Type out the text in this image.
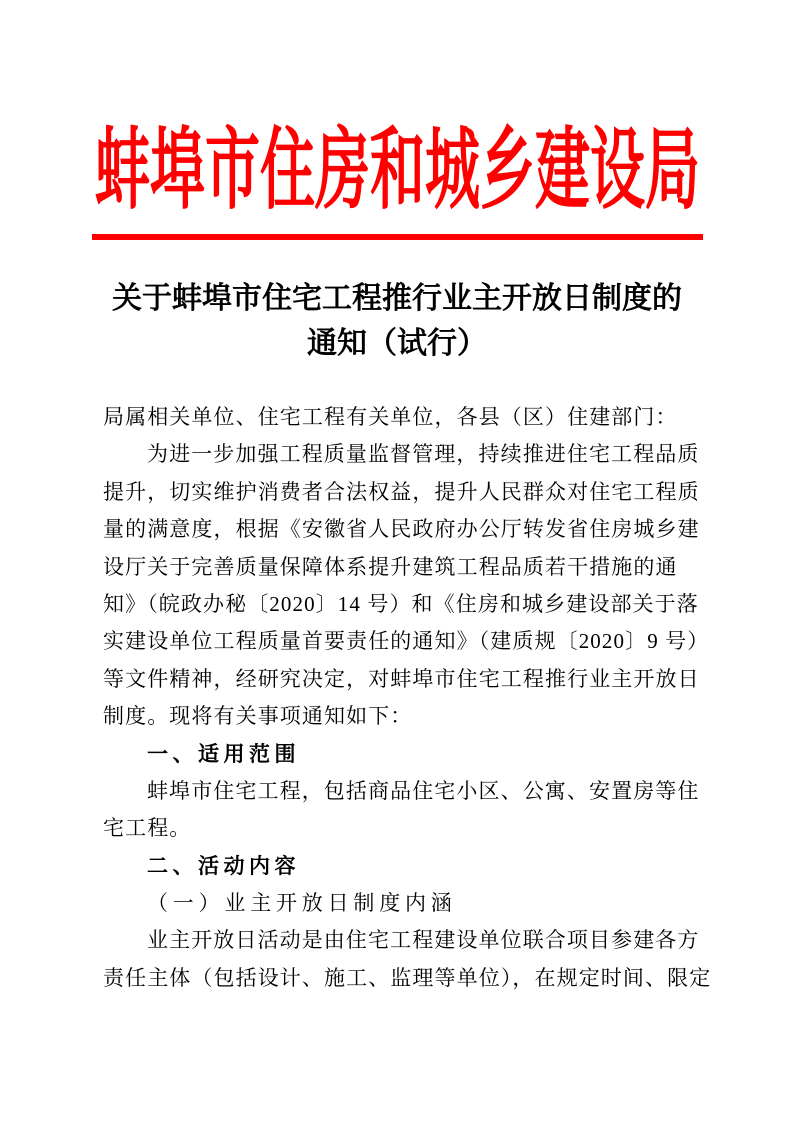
蚌埠市住房和城乡建设局
关于蚌埠市住宅工程推行业主开放日制度的
通知（试行）
局属相关单位、住宅工程有关单位，各县（区）住建部门：
为进一步加强工程质量监督管理，持续推进住宅工程品质
提升，切实维护消费者合法权益，提升人民群众对住宅工程质
量的满意度，根据《安徽省人民政府办公厅转发省住房城乡建
设厅关于完善质量保障体系提升建筑工程品质若干措施的通
知》（皖政办秘〔2020〕14 号）和《住房和城乡建设部关于落
实建设单位工程质量首要责任的通知》（建质规〔2020〕9 号）
等文件精神，经研究决定，对蚌埠市住宅工程推行业主开放日
制度。现将有关事项通知如下：
一、适用范围
蚌埠市住宅工程，包括商品住宅小区、公寓、安置房等住
宅工程。
二、活动内容
（一）业主开放日制度内涵
业主开放日活动是由住宅工程建设单位联合项目参建各方
责任主体（包括设计、施工、监理等单位），在规定时间、限定
